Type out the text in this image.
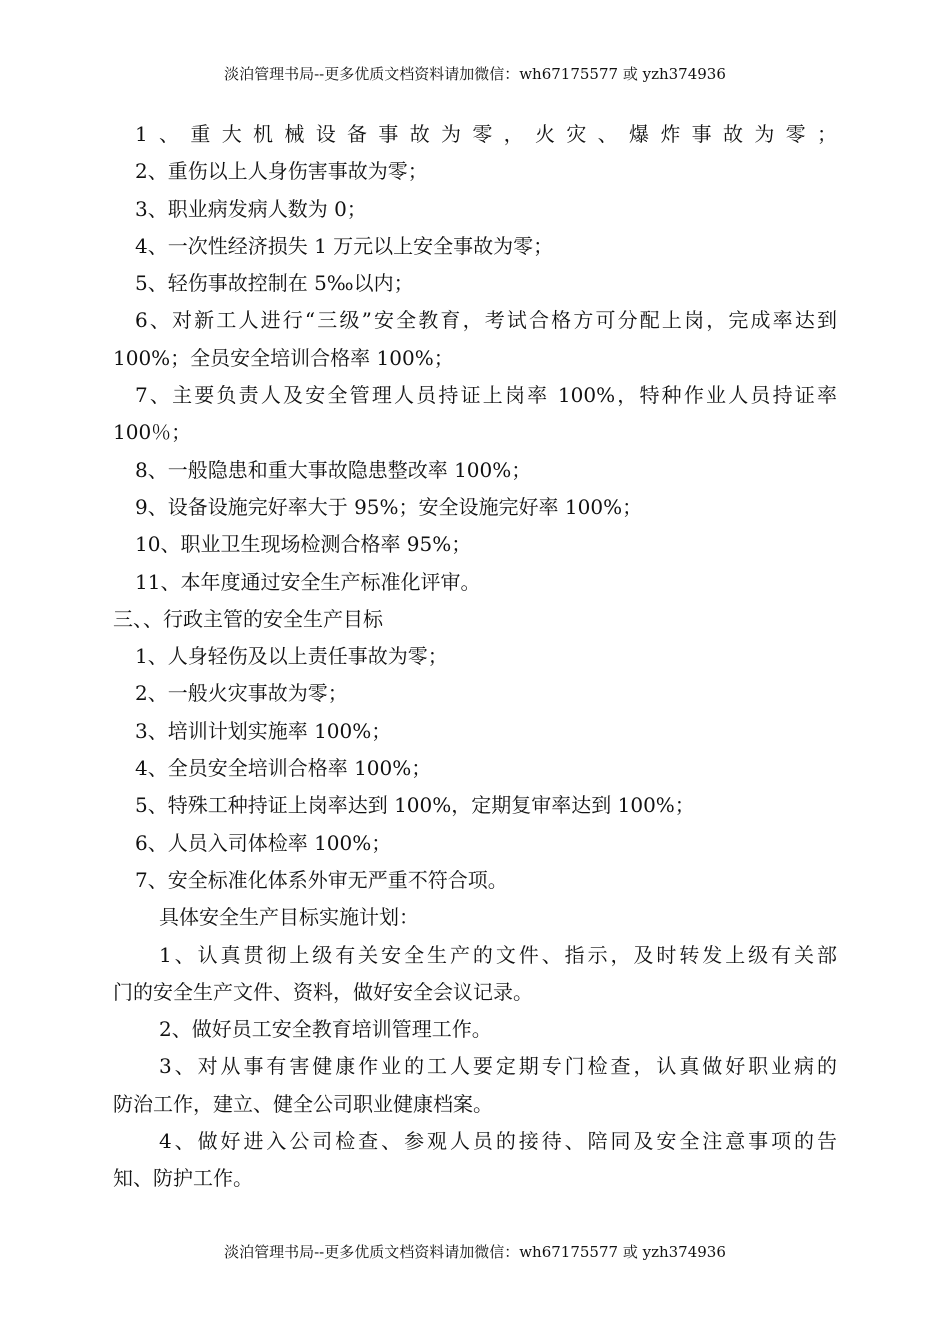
淡泊管理书局--更多优质文档资料请加微信：wh67175577 或 yzh374936
1、重大机械设备事故为零，火灾、爆炸事故为零；
2、重伤以上人身伤害事故为零；
3、职业病发病人数为 0；
4、一次性经济损失 1 万元以上安全事故为零；
5、轻伤事故控制在 5‰以内；
6、对新工人进行“三级”安全教育，考试合格方可分配上岗，完成率达到
100%；全员安全培训合格率 100%；
7、主要负责人及安全管理人员持证上岗率 100%，特种作业人员持证率
100％；
8、一般隐患和重大事故隐患整改率 100%；
9、设备设施完好率大于 95%；安全设施完好率 100%；
10、职业卫生现场检测合格率 95%；
11、本年度通过安全生产标准化评审。
三、、行政主管的安全生产目标
1、人身轻伤及以上责任事故为零；
2、一般火灾事故为零；
3、培训计划实施率 100%；
4、全员安全培训合格率 100%；
5、特殊工种持证上岗率达到 100%，定期复审率达到 100%；
6、人员入司体检率 100%；
7、安全标准化体系外审无严重不符合项。
具体安全生产目标实施计划：
1、认真贯彻上级有关安全生产的文件、指示，及时转发上级有关部
门的安全生产文件、资料，做好安全会议记录。
2、做好员工安全教育培训管理工作。
3、对从事有害健康作业的工人要定期专门检查，认真做好职业病的
防治工作，建立、健全公司职业健康档案。
4、做好进入公司检查、参观人员的接待、陪同及安全注意事项的告
知、防护工作。
淡泊管理书局--更多优质文档资料请加微信：wh67175577 或 yzh374936
